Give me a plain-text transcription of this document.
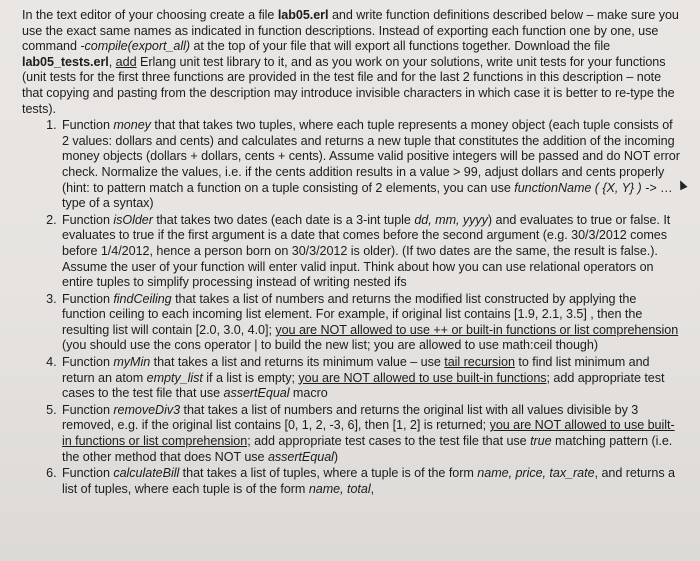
In the text editor of your choosing create a file lab05.erl and write function definitions described below – make sure you use the exact same names as indicated in function descriptions. Instead of exporting each function one by one, use command -compile(export_all) at the top of your file that will export all functions together. Download the file lab05_tests.erl, add Erlang unit test library to it, and as you work on your solutions, write unit tests for your functions (unit tests for the first three functions are provided in the test file and for the last 2 functions in this description – note that copying and pasting from the description may introduce invisible characters in which case it is better to re-type the tests).

1. Function money that that takes two tuples, where each tuple represents a money object (each tuple consists of 2 values: dollars and cents) and calculates and returns a new tuple that constitutes the addition of the incoming money objects (dollars + dollars, cents + cents). Assume valid positive integers will be passed and do NOT error check. Normalize the values, i.e. if the cents addition results in a value > 99, adjust dollars and cents properly (hint: to pattern match a function on a tuple consisting of 2 elements, you can use functionName ( {X, Y} ) -> … type of a syntax)
2. Function isOlder that takes two dates (each date is a 3-int tuple dd, mm, yyyy) and evaluates to true or false. It evaluates to true if the first argument is a date that comes before the second argument (e.g. 30/3/2012 comes before 1/4/2012, hence a person born on 30/3/2012 is older). (If two dates are the same, the result is false.). Assume the user of your function will enter valid input. Think about how you can use relational operators on entire tuples to simplify processing instead of writing nested ifs
3. Function findCeiling that takes a list of numbers and returns the modified list constructed by applying the function ceiling to each incoming list element. For example, if original list contains [1.9, 2.1, 3.5] , then the resulting list will contain [2.0, 3.0, 4.0]; you are NOT allowed to use ++ or built-in functions or list comprehension (you should use the cons operator | to build the new list; you are allowed to use math:ceil though)
4. Function myMin that takes a list and returns its minimum value – use tail recursion to find list minimum and return an atom empty_list if a list is empty; you are NOT allowed to use built-in functions; add appropriate test cases to the test file that use assertEqual macro
5. Function removeDiv3 that takes a list of numbers and returns the original list with all values divisible by 3 removed, e.g. if the original list contains [0, 1, 2, -3, 6], then [1, 2] is returned; you are NOT allowed to use built-in functions or list comprehension; add appropriate test cases to the test file that use true matching pattern (i.e. the other method that does NOT use assertEqual)
6. Function calculateBill that takes a list of tuples, where a tuple is of the form name, price, tax_rate, and returns a list of tuples, where each tuple is of the form name, total,
